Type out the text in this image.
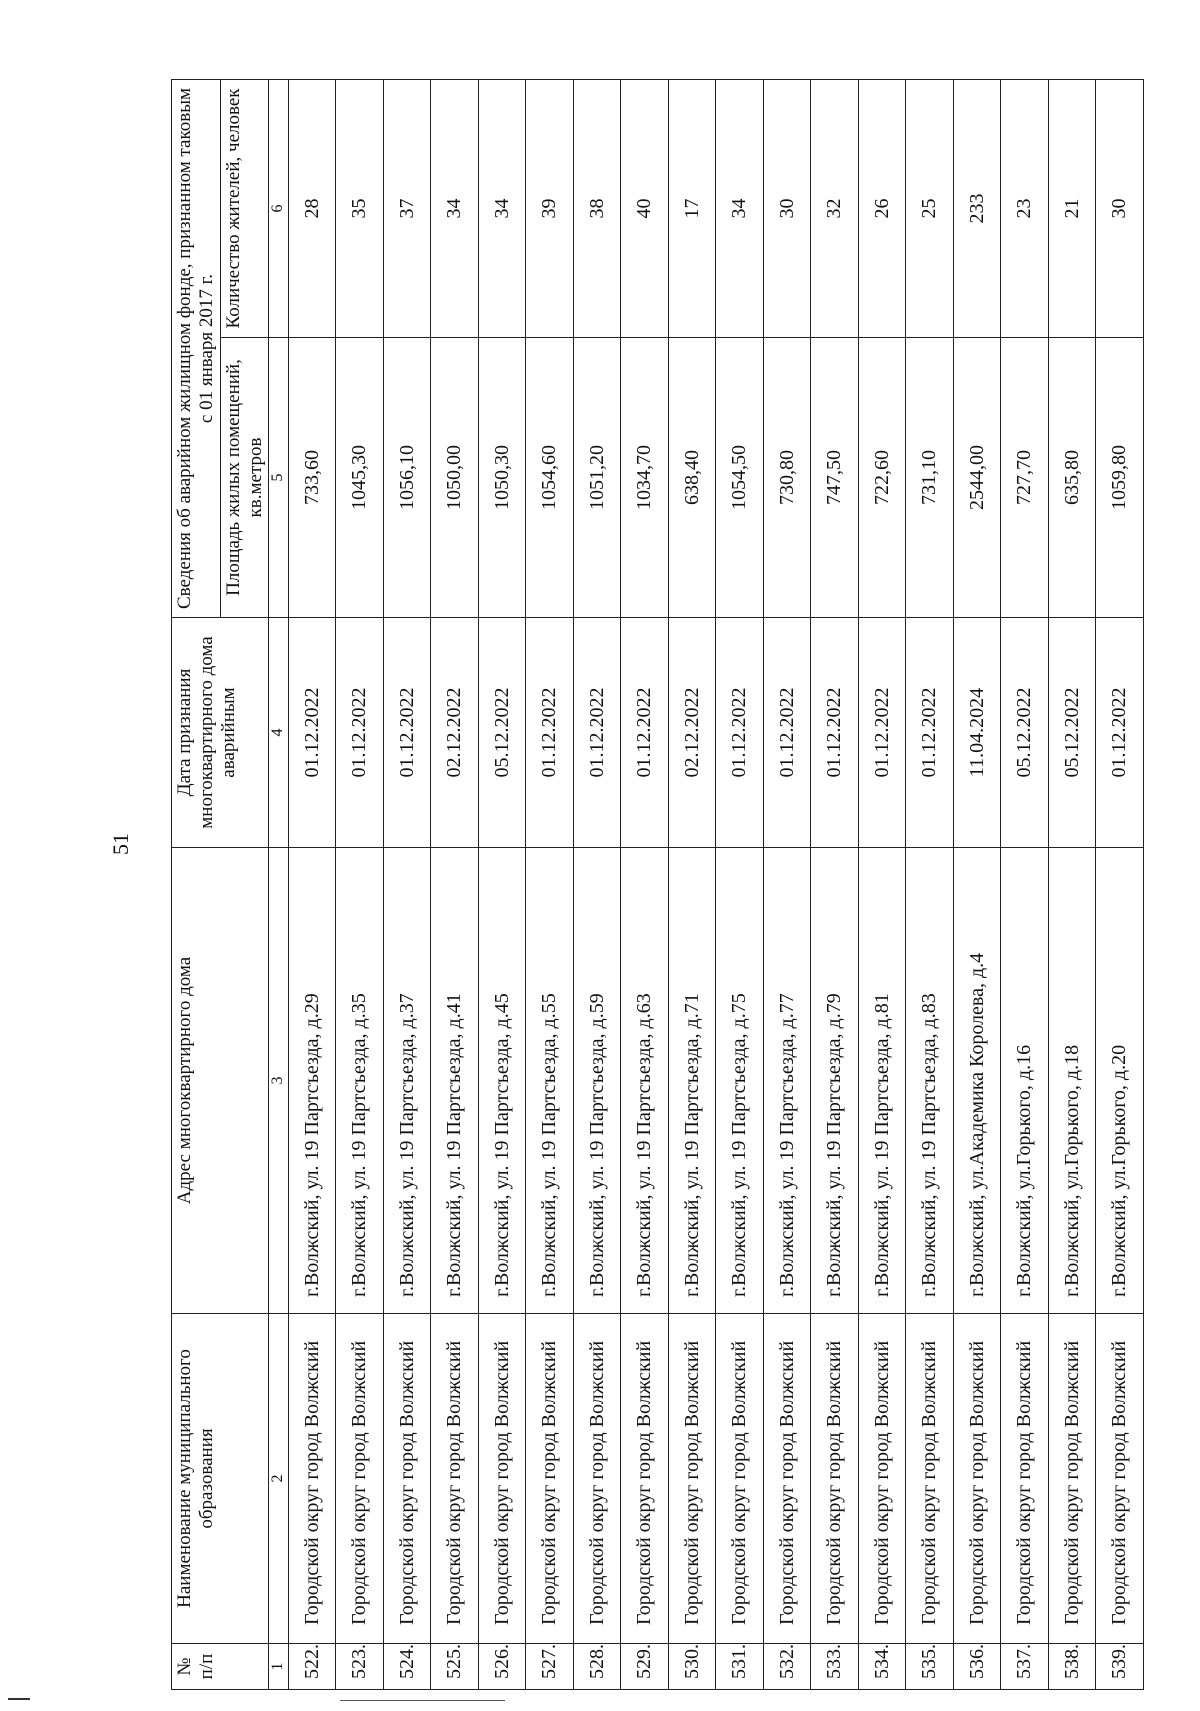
51
№ п/п	Наименование муниципального образования	Адрес многоквартирного дома	Дата признания многоквартирного дома аварийным	Сведения об аварийном жилищном фонде, признанном таковым с 01 января 2017 г.	
				Площадь жилых помещений, кв.метров	Количество жителей, человек
1	2	3	4	5	6
522.	Городской округ город Волжский	г.Волжский, ул. 19 Партсъезда, д.29	01.12.2022	733,60	28
523.	Городской округ город Волжский	г.Волжский, ул. 19 Партсъезда, д.35	01.12.2022	1045,30	35
524.	Городской округ город Волжский	г.Волжский, ул. 19 Партсъезда, д.37	01.12.2022	1056,10	37
525.	Городской округ город Волжский	г.Волжский, ул. 19 Партсъезда, д.41	02.12.2022	1050,00	34
526.	Городской округ город Волжский	г.Волжский, ул. 19 Партсъезда, д.45	05.12.2022	1050,30	34
527.	Городской округ город Волжский	г.Волжский, ул. 19 Партсъезда, д.55	01.12.2022	1054,60	39
528.	Городской округ город Волжский	г.Волжский, ул. 19 Партсъезда, д.59	01.12.2022	1051,20	38
529.	Городской округ город Волжский	г.Волжский, ул. 19 Партсъезда, д.63	01.12.2022	1034,70	40
530.	Городской округ город Волжский	г.Волжский, ул. 19 Партсъезда, д.71	02.12.2022	638,40	17
531.	Городской округ город Волжский	г.Волжский, ул. 19 Партсъезда, д.75	01.12.2022	1054,50	34
532.	Городской округ город Волжский	г.Волжский, ул. 19 Партсъезда, д.77	01.12.2022	730,80	30
533.	Городской округ город Волжский	г.Волжский, ул. 19 Партсъезда, д.79	01.12.2022	747,50	32
534.	Городской округ город Волжский	г.Волжский, ул. 19 Партсъезда, д.81	01.12.2022	722,60	26
535.	Городской округ город Волжский	г.Волжский, ул. 19 Партсъезда, д.83	01.12.2022	731,10	25
536.	Городской округ город Волжский	г.Волжский, ул.Академика Королева, д.4	11.04.2024	2544,00	233
537.	Городской округ город Волжский	г.Волжский, ул.Горького, д.16	05.12.2022	727,70	23
538.	Городской округ город Волжский	г.Волжский, ул.Горького, д.18	05.12.2022	635,80	21
539.	Городской округ город Волжский	г.Волжский, ул.Горького, д.20	01.12.2022	1059,80	30
